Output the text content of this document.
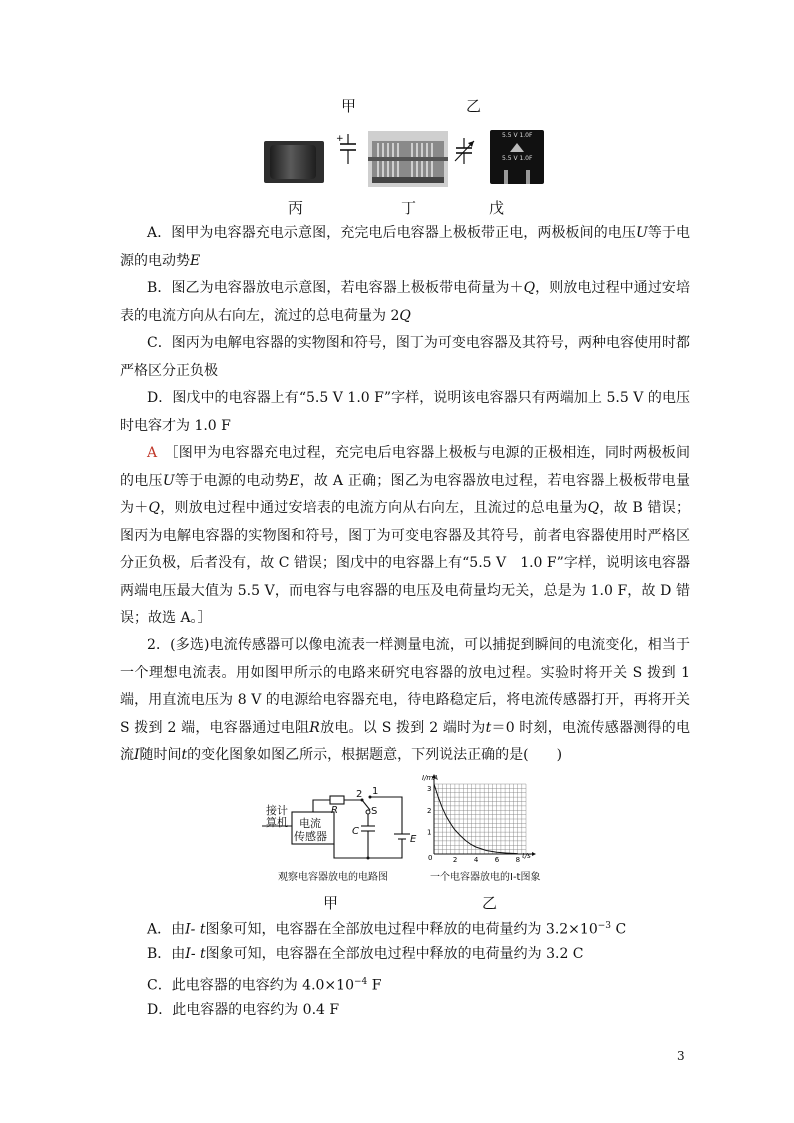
甲	乙
+	5.5 V 1.0F
5.5 V 1.0F
丙	丁	戊
A．图甲为电容器充电示意图，充完电后电容器上极板带正电，两极板间的电压U等于电源的电动势E
B．图乙为电容器放电示意图，若电容器上极板带电荷量为＋Q，则放电过程中通过安培表的电流方向从右向左，流过的总电荷量为 2Q
C．图丙为电解电容器的实物图和符号，图丁为可变电容器及其符号，两种电容使用时都严格区分正负极
D．图戊中的电容器上有“5.5 V 1.0 F”字样，说明该电容器只有两端加上 5.5 V 的电压时电容才为 1.0 F
A　 ［图甲为电容器充电过程，充完电后电容器上极板与电源的正极相连，同时两极板间的电压U等于电源的电动势E，故 A 正确；图乙为电容器放电过程，若电容器上极板带电量为＋Q，则放电过程中通过安培表的电流方向从右向左，且流过的总电量为Q，故 B 错误；图丙为电解电容器的实物图和符号，图丁为可变电容器及其符号，前者电容器使用时严格区分正负极，后者没有，故 C 错误；图戊中的电容器上有“5.5 V　1.0 F”字样，说明该电容器两端电压最大值为 5.5 V，而电容与电容器的电压及电荷量均无关，总是为 1.0 F，故 D 错误；故选 A。］
2．(多选)电流传感器可以像电流表一样测量电流，可以捕捉到瞬间的电流变化，相当于一个理想电流表。用如图甲所示的电路来研究电容器的放电过程。实验时将开关 S 拨到 1 端，用直流电压为 8 V 的电源给电容器充电，待电路稳定后，将电流传感器打开，再将开关 S 拨到 2 端，电容器通过电阻R放电。以 S 拨到 2 端时为t＝0 时刻，电流传感器测得的电流I随时间t的变化图象如图乙所示，根据题意，下列说法正确的是(　　)
接计
算机 电流
传感器
R
2 1
S
C
E
观察电容器放电的电路图
甲
2 4 6 8
1
2
3
I/mA
t/s
0
一个电容器放电的I-t图象
乙
A．由I- t图象可知，电容器在全部放电过程中释放的电荷量约为 $3.2\times 10^{-3}$ C
B．由I- t图象可知，电容器在全部放电过程中释放的电荷量约为 3.2 C
C．此电容器的电容约为 $4.0\times 10^{-4}$ F
D．此电容器的电容约为 0.4 F
3
